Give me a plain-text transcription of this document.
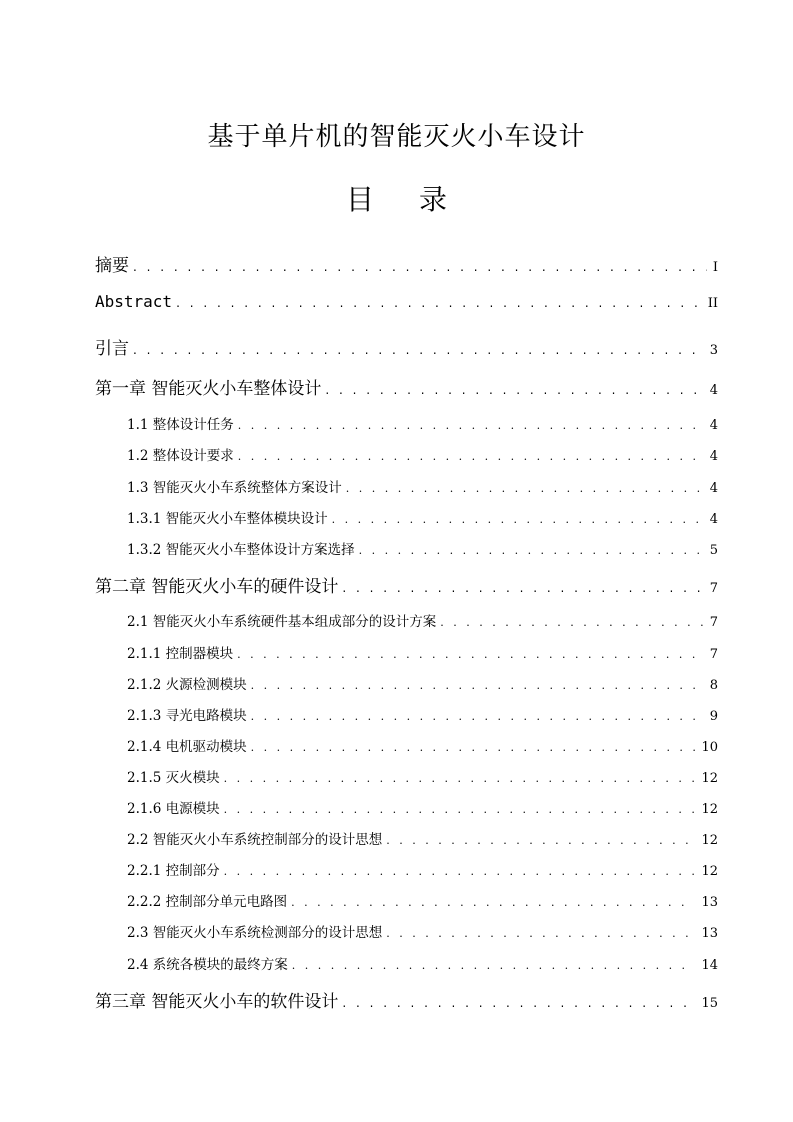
基于单片机的智能灭火小车设计
目 录
摘要 . . .	I
Abstract . . .	II
引言 . . .	3
第一章 智能灭火小车整体设计 . . .	4
1.1 整体设计任务 . . .	4
1.2 整体设计要求 . . .	4
1.3 智能灭火小车系统整体方案设计 . . .	4
1.3.1 智能灭火小车整体模块设计 . . .	4
1.3.2 智能灭火小车整体设计方案选择 . . .	5
第二章 智能灭火小车的硬件设计 . . .	7
2.1 智能灭火小车系统硬件基本组成部分的设计方案 . . .	7
2.1.1 控制器模块 . . .	7
2.1.2 火源检测模块 . . .	8
2.1.3 寻光电路模块 . . .	9
2.1.4 电机驱动模块 . . .	10
2.1.5 灭火模块 . . .	12
2.1.6 电源模块 . . .	12
2.2 智能灭火小车系统控制部分的设计思想 . . .	12
2.2.1 控制部分 . . .	12
2.2.2 控制部分单元电路图 . . .	13
2.3 智能灭火小车系统检测部分的设计思想 . . .	13
2.4 系统各模块的最终方案 . . .	14
第三章 智能灭火小车的软件设计 . . .	15
